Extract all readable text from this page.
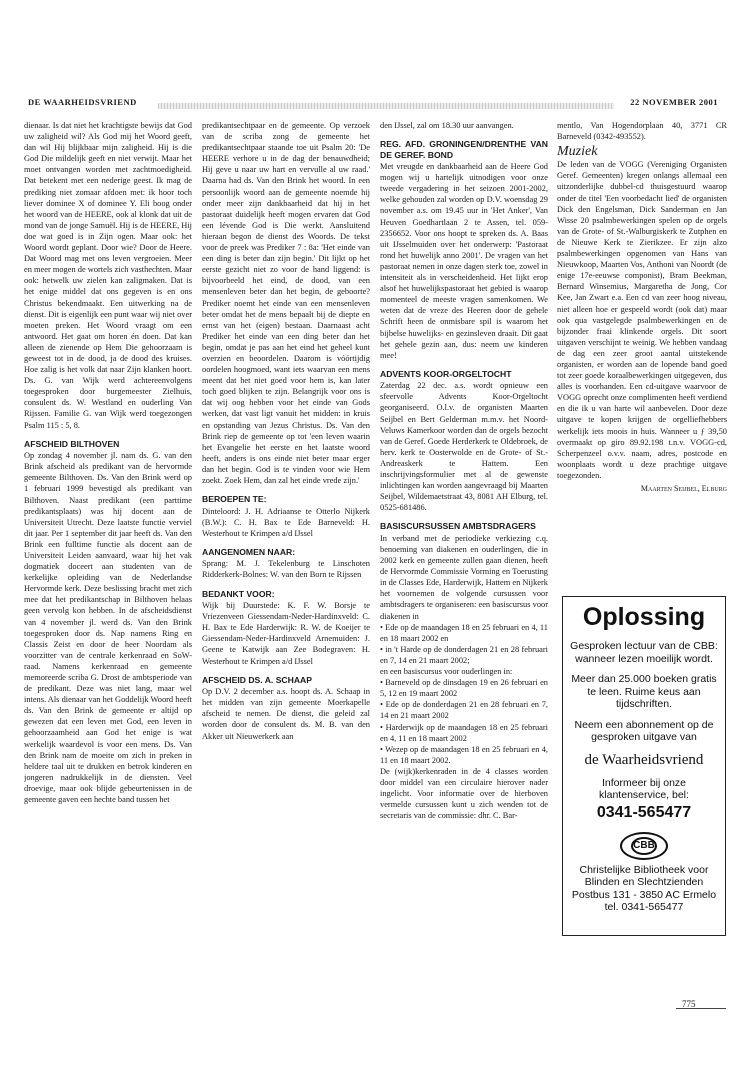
DE WAARHEIDSVRIEND	22 NOVEMBER 2001

dienaar. Is dat niet het krachtigste bewijs dat God uw zaligheid wil? Als God mij het Woord geeft, dan wil Hij blijkbaar mijn zaligheid. Hij is die God Die mildelijk geeft en niet verwijt. Maar het moet ontvangen worden met zachtmoedigheid. Dat betekent met een nederige geest. Ik mag de prediking niet zomaar afdoen met: ik hoor toch liever dominee X of dominee Y. Eli boog onder het woord van de HEERE, ook al klonk dat uit de mond van de jonge Samuël. Hij is de HEERE, Hij doe wat goed is in Zijn ogen. Maar ook: het Woord wordt geplant. Door wie? Door de Heere. Dat Woord mag met ons leven vergroeien. Meer en meer mogen de wortels zich vasthechten. Maar ook: hetwelk uw zielen kan zaligmaken. Dat is het enige middel dat ons gegeven is en ons Christus bekendmaakt. Een uitwerking na de dienst. Dit is eigenlijk een punt waar wij niet over moeten preken. Het Woord vraagt om een antwoord. Het gaat om horen én doen. Dat kan alleen de zienende op Hem Die gehoorzaam is geweest tot in de dood, ja de dood des kruises. Hoe zalig is het volk dat naar Zijn klanken hoort. Ds. G. van Wijk werd achtereenvolgens toegesproken door burgemeester Zielhuis, consulent ds. W. Westland en ouderling Van Rijssen. Familie G. van Wijk werd toegezongen Psalm 115 : 5, 8.

AFSCHEID BILTHOVEN

Op zondag 4 november jl. nam ds. G. van den Brink afscheid als predikant van de hervormde gemeente Bilthoven. Ds. Van den Brink werd op 1 februari 1999 bevestigd als predikant van Bilthoven. Naast predikant (een parttime predikantsplaats) was hij docent aan de Universiteit Utrecht. Deze laatste functie verviel dit jaar. Per 1 september dit jaar heeft ds. Van den Brink een fulltime functie als docent aan de Universiteit Leiden aanvaard, waar hij het vak dogmatiek doceert aan studenten van de kerkelijke opleiding van de Nederlandse Hervormde kerk. Deze beslissing bracht met zich mee dat het predikantschap in Bilthoven helaas geen vervolg kon hebben. In de afscheidsdienst van 4 november jl. werd ds. Van den Brink toegesproken door ds. Nap namens Ring en Classis Zeist en door de heer Noordam als voorzitter van de centrale kerkenraad en SoW-raad. Namens kerkenraad en gemeente memoreerde scriba G. Drost de ambtsperiode van de predikant. Deze was niet lang, maar wel intens. Als dienaar van het Goddelijk Woord heeft ds. Van den Brink de gemeente er altijd op gewezen dat een leven met God, een leven in gehoorzaamheid aan God het enige is wat werkelijk waardevol is voor een mens. Ds. Van den Brink nam de moeite om zich in preken in heldere taal uit te drukken en betrok kinderen en jongeren nadrukkelijk in de diensten. Veel droevige, maar ook blijde gebeurtenissen in de gemeente gaven een hechte band tussen het

predikantsechtpaar en de gemeente. Op verzoek van de scriba zong de gemeente het predikantsechtpaar staande toe uit Psalm 20: 'De HEERE verhore u in de dag der benauwdheid; Hij geve u naar uw hart en vervulle al uw raad.' Daarna had ds. Van den Brink het woord. In een persoonlijk woord aan de gemeente noemde hij onder meer zijn dankbaarheid dat hij in het pastoraat duidelijk heeft mogen ervaren dat God een lévende God is Die werkt. Aansluitend hieraan begon de dienst des Woords. De tekst voor de preek was Prediker 7 : 8a: 'Het einde van een ding is beter dan zijn begin.' Dit lijkt op het eerste gezicht niet zo voor de hand liggend: is bijvoorbeeld het eind, de dood, van een mensenleven beter dan het begin, de geboorte? Prediker noemt het einde van een mensenleven beter omdat het de mens bepaalt bij de diepte en ernst van het (eigen) bestaan. Daarnaast acht Prediker het einde van een ding beter dan het begin, omdat je pas aan het eind het geheel kunt overzien en beoordelen. Daarom is vóórtijdig oordelen hoogmoed, want iets waarvan een mens meent dat het niet goed voor hem is, kan later toch goed blijken te zijn. Belangrijk voor ons is dat wij oog hebben voor het einde van Gods werken, dat vast ligt vanuit het midden: in kruis en opstanding van Jezus Christus. Ds. Van den Brink riep de gemeente op tot 'een leven waarin het Evangelie het eerste en het laatste woord heeft, anders is ons einde niet beter maar erger dan het begin. God is te vinden voor wie Hem zoekt. Zoek Hem, dan zal het einde vrede zijn.'

BEROEPEN TE:

Dinteloord: J. H. Adriaanse te Otterlo Nijkerk (B.W.): C. H. Bax te Ede Barneveld: H. Westerhout te Krimpen a/d IJssel

AANGENOMEN NAAR:

Sprang: M. J. Tekelenburg te Linschoten Ridderkerk-Bolnes: W. van den Born te Rijssen

BEDANKT VOOR:

Wijk bij Duurstede: K. F. W. Borsje te Vriezenveen Giessendam-Neder-Hardinxveld: C. H. Bax te Ede Harderwijk: R. W. de Koeijer te Giessendam-Neder-Hardinxveld Arnemuiden: J. Geene te Katwijk aan Zee Bodegraven: H. Westerhout te Krimpen a/d IJssel

AFSCHEID DS. A. SCHAAP

Op D.V. 2 december a.s. hoopt ds. A. Schaap in het midden van zijn gemeente Moerkapelle afscheid te nemen. De dienst, die geleid zal worden door de consulent ds. M. B. van den Akker uit Nieuwerkerk aan

den IJssel, zal om 18.30 uur aanvangen.

REG. AFD. GRONINGEN/DRENTHE VAN DE GEREF. BOND

Met vreugde en dankbaarheid aan de Heere God mogen wij u hartelijk uitnodigen voor onze tweede vergadering in het seizoen 2001-2002, welke gehouden zal worden op D.V. woensdag 29 november a.s. om 19.45 uur in 'Het Anker', Van Heuven Goedhartlaan 2 te Assen, tel. 059-2356652. Voor ons hoopt te spreken ds. A. Baas uit IJsselmuiden over het onderwerp: 'Pastoraat rond het huwelijk anno 2001'. De vragen van het pastoraat nemen in onze dagen sterk toe, zowel in intensiteit als in verscheidenheid. Het lijkt erop alsof het huwelijkspastoraat het gebied is waarop momenteel de meeste vragen samenkomen. We weten dat de vreze des Heeren door de gehele Schrift heen de onmisbare spil is waarom het bijbelse huwelijks- en gezinsleven draait. Dit gaat het gehele gezin aan, dus: neem uw kinderen mee!

ADVENTS KOOR-ORGELTOCHT

Zaterdag 22 dec. a.s. wordt opnieuw een sfeervolle Advents Koor-Orgeltocht georganiseerd. O.l.v. de organisten Maarten Seijbel en Bert Gelderman m.m.v. het Noord-Veluws Kamerkoor worden dan de orgels bezocht van de Geref. Goede Herderkerk te Oldebroek, de herv. kerk te Oosterwolde en de Grote- of St.-Andreaskerk te Hattem. Een inschrijvingsformulier met al de gewenste inlichtingen kan worden aangevraagd bij Maarten Seijbel, Wildemaetstraat 43, 8081 AH Elburg, tel. 0525-681486.

BASISCURSUSSEN AMBTSDRAGERS

In verband met de periodieke verkiezing c.q. benoeming van diakenen en ouderlingen, die in 2002 kerk en gemeente zullen gaan dienen, heeft de Hervormde Commissie Vorming en Toerusting in de Classes Ede, Harderwijk, Hattem en Nijkerk het voornemen de volgende cursussen voor ambtsdragers te organiseren: een basiscursus voor diakenen in

• Ede op de maandagen 18 en 25 februari en 4, 11 en 18 maart 2002 en

• in 't Harde op de donderdagen 21 en 28 februari en 7, 14 en 21 maart 2002;

en een basiscursus voor ouderlingen in:

• Barneveld op de dinsdagen 19 en 26 februari en 5, 12 en 19 maart 2002

• Ede op de donderdagen 21 en 28 februari en 7, 14 en 21 maart 2002

• Harderwijk op de maandagen 18 en 25 februari en 4, 11 en 18 maart 2002

• Wezep op de maandagen 18 en 25 februari en 4, 11 en 18 maart 2002.

De (wijk)kerkenraden in de 4 classes worden door middel van een circulaire hierover nader ingelicht. Voor informatie over de hierboven vermelde cursussen kunt u zich wenden tot de secretaris van de commissie: dhr. C. Bar-

mentlo, Van Hogendorplaan 40, 3771 CR Barneveld (0342-493552).

Muziek

De leden van de VOGG (Vereniging Organisten Geref. Gemeenten) kregen onlangs allemaal een uitzonderlijke dubbel-cd thuisgestuurd waarop onder de titel 'Een voorbedacht lied' de organisten Dick den Engelsman, Dick Sanderman en Jan Wisse 20 psalmbewerkingen spelen op de orgels van de Grote- of St.-Walburgiskerk te Zutphen en de Nieuwe Kerk te Zierikzee. Er zijn alzo psalmbewerkingen opgenomen van Hans van Nieuwkoop, Maarten Vos, Anthoni van Noordt (de enige 17e-eeuwse componist), Bram Beekman, Bernard Winsemius, Margaretha de Jong, Cor Kee, Jan Zwart e.a. Een cd van zeer hoog niveau, niet alleen hoe er gespeeld wordt (ook dat) maar ook qua vastgelegde psalmbewerkingen en de bijzonder fraai klinkende orgels. Dit soort uitgaven verschijnt te weinig. We hebben vandaag de dag een zeer groot aantal uitstekende organisten, er worden aan de lopende band goed tot zeer goede koraalbewerkingen uitgegeven, dus alles is voorhanden. Een cd-uitgave waarvoor de VOGG oprecht onze complimenten heeft verdiend en die ik u van harte wil aanbevelen. Door deze uitgave te kopen krijgen de orgelliefhebbers werkelijk iets moois in huis. Wanneer u ƒ 39,50 overmaakt op giro 89.92.198 t.n.v. VOGG-cd, Scherpenzeel o.v.v. naam, adres, postcode en woonplaats wordt u deze prachtige uitgave toegezonden.

Maarten Seijbel, Elburg

Oplossing
Gesproken lectuur van de CBB: wanneer lezen moeilijk wordt.
Meer dan 25.000 boeken gratis te leen. Ruime keus aan tijdschriften.
Neem een abonnement op de gesproken uitgave van
de Waarheidsvriend
Informeer bij onze klantenservice, bel:
0341-565477
CBB
Christelijke Bibliotheek voor Blinden en Slechtzienden Postbus 131 - 3850 AC Ermelo tel. 0341-565477
775
